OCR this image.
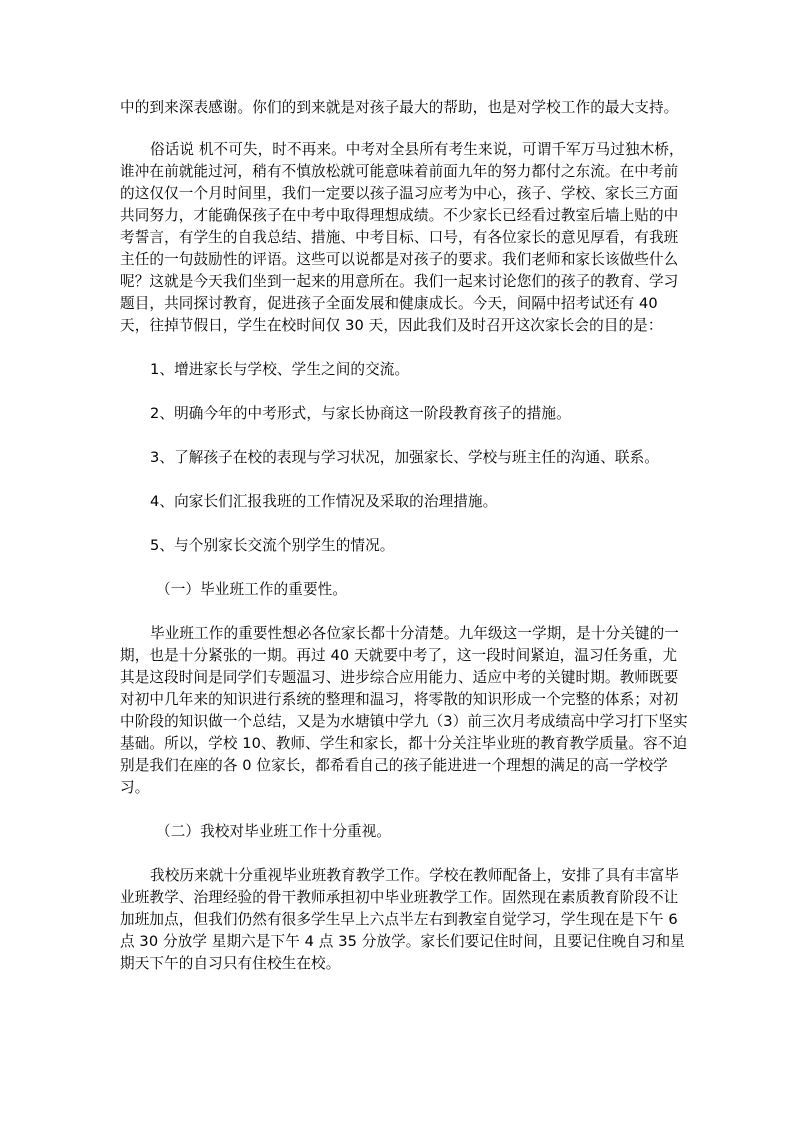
中的到来深表感谢。你们的到来就是对孩子最大的帮助，也是对学校工作的最大支持。

俗话说 机不可失，时不再来。中考对全县所有考生来说，可谓千军万马过独木桥，谁冲在前就能过河，稍有不慎放松就可能意味着前面九年的努力都付之东流。在中考前的这仅仅一个月时间里，我们一定要以孩子温习应考为中心，孩子、学校、家长三方面共同努力，才能确保孩子在中考中取得理想成绩。不少家长已经看过教室后墙上贴的中考誓言，有学生的自我总结、措施、中考目标、口号，有各位家长的意见厚看，有我班主任的一句鼓励性的评语。这些可以说都是对孩子的要求。我们老师和家长该做些什么呢？这就是今天我们坐到一起来的用意所在。我们一起来讨论您们的孩子的教育、学习题目，共同探讨教育，促进孩子全面发展和健康成长。今天，间隔中招考试还有 40 天，往掉节假日，学生在校时间仅 30 天，因此我们及时召开这次家长会的目的是：

1、增进家长与学校、学生之间的交流。

2、明确今年的中考形式，与家长协商这一阶段教育孩子的措施。

3、了解孩子在校的表现与学习状况，加强家长、学校与班主任的沟通、联系。

4、向家长们汇报我班的工作情况及采取的治理措施。

5、与个别家长交流个别学生的情况。

（一）毕业班工作的重要性。

毕业班工作的重要性想必各位家长都十分清楚。九年级这一学期，是十分关键的一期，也是十分紧张的一期。再过 40 天就要中考了，这一段时间紧迫，温习任务重，尤其是这段时间是同学们专题温习、进步综合应用能力、适应中考的关键时期。教师既要对初中几年来的知识进行系统的整理和温习，将零散的知识形成一个完整的体系；对初中阶段的知识做一个总结，又是为水塘镇中学九（3）前三次月考成绩高中学习打下坚实基础。所以，学校 10、教师、学生和家长，都十分关注毕业班的教育教学质量。容不迫

别是我们在座的各 0 位家长，都希看自己的孩子能进进一个理想的满足的高一学校学习。

（二）我校对毕业班工作十分重视。

我校历来就十分重视毕业班教育教学工作。学校在教师配备上，安排了具有丰富毕业班教学、治理经验的骨干教师承担初中毕业班教学工作。固然现在素质教育阶段不让加班加点，但我们仍然有很多学生早上六点半左右到教室自觉学习，学生现在是下午 6 点 30 分放学 星期六是下午 4 点 35 分放学。家长们要记住时间，且要记住晚自习和星期天下午的自习只有住校生在校。
